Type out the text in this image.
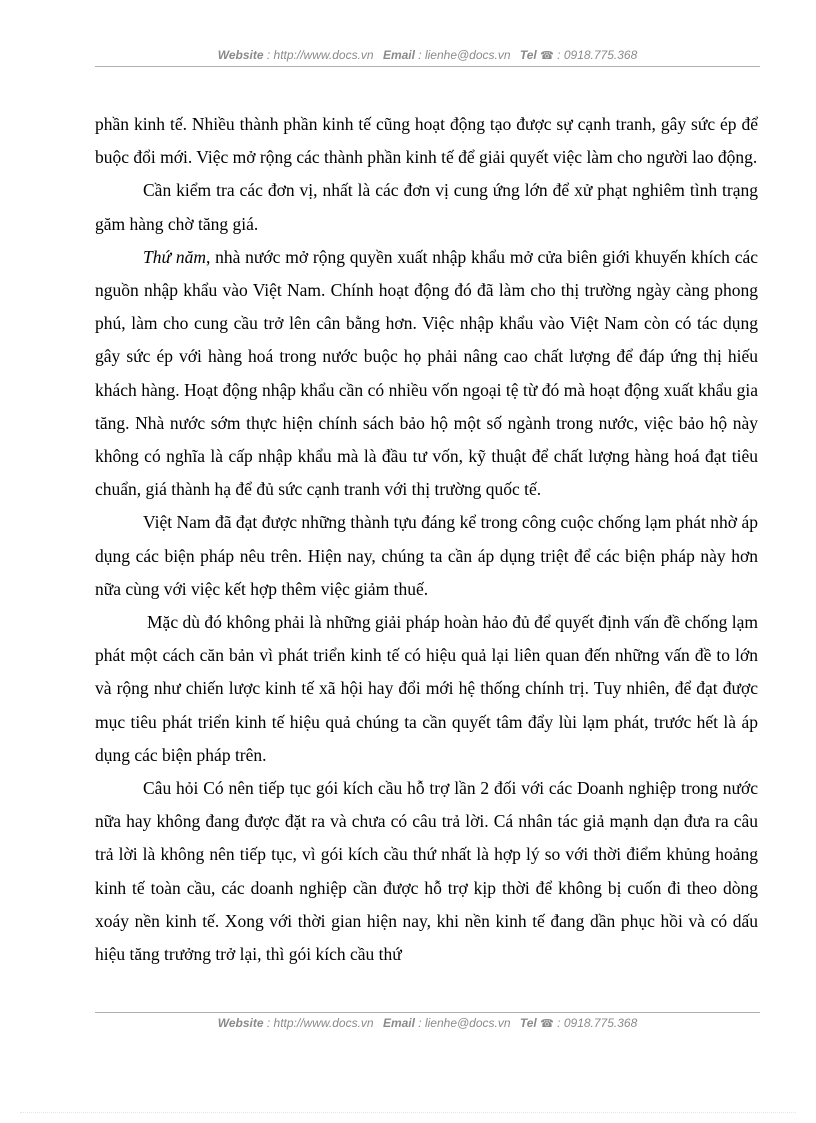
Website : http://www.docs.vn Email : lienhe@docs.vn Tel ☎ : 0918.775.368

phần kinh tế. Nhiều thành phần kinh tế cũng hoạt động tạo được sự cạnh tranh, gây sức ép để buộc đổi mới. Việc mở rộng các thành phần kinh tế để giải quyết việc làm cho người lao động.

Cần kiểm tra các đơn vị, nhất là các đơn vị cung ứng lớn để xử phạt nghiêm tình trạng găm hàng chờ tăng giá.

Thứ năm, nhà nước mở rộng quyền xuất nhập khẩu mở cửa biên giới khuyến khích các nguồn nhập khẩu vào Việt Nam. Chính hoạt động đó đã làm cho thị trường ngày càng phong phú, làm cho cung cầu trở lên cân bằng hơn. Việc nhập khẩu vào Việt Nam còn có tác dụng gây sức ép với hàng hoá trong nước buộc họ phải nâng cao chất lượng để đáp ứng thị hiếu khách hàng. Hoạt động nhập khẩu cần có nhiều vốn ngoại tệ từ đó mà hoạt động xuất khẩu gia tăng. Nhà nước sớm thực hiện chính sách bảo hộ một số ngành trong nước, việc bảo hộ này không có nghĩa là cấp nhập khẩu mà là đầu tư vốn, kỹ thuật để chất lượng hàng hoá đạt tiêu chuẩn, giá thành hạ để đủ sức cạnh tranh với thị trường quốc tế.

Việt Nam đã đạt được những thành tựu đáng kể trong công cuộc chống lạm phát nhờ áp dụng các biện pháp nêu trên. Hiện nay, chúng ta cần áp dụng triệt để các biện pháp này hơn nữa cùng với việc kết hợp thêm việc giảm thuế.

Mặc dù đó không phải là những giải pháp hoàn hảo đủ để quyết định vấn đề chống lạm phát một cách căn bản vì phát triển kinh tế có hiệu quả lại liên quan đến những vấn đề to lớn và rộng như chiến lược kinh tế xã hội hay đổi mới hệ thống chính trị. Tuy nhiên, để đạt được mục tiêu phát triển kinh tế hiệu quả chúng ta cần quyết tâm đẩy lùi lạm phát, trước hết là áp dụng các biện pháp trên.

Câu hỏi Có nên tiếp tục gói kích cầu hỗ trợ lần 2 đối với các Doanh nghiệp trong nước nữa hay không đang được đặt ra và chưa có câu trả lời. Cá nhân tác giả mạnh dạn đưa ra câu trả lời là không nên tiếp tục, vì gói kích cầu thứ nhất là hợp lý so với thời điểm khủng hoảng kinh tế toàn cầu, các doanh nghiệp cần được hỗ trợ kịp thời để không bị cuốn đi theo dòng xoáy nền kinh tế. Xong với thời gian hiện nay, khi nền kinh tế đang dần phục hồi và có dấu hiệu tăng trưởng trở lại, thì gói kích cầu thứ

Website : http://www.docs.vn Email : lienhe@docs.vn Tel ☎ : 0918.775.368
